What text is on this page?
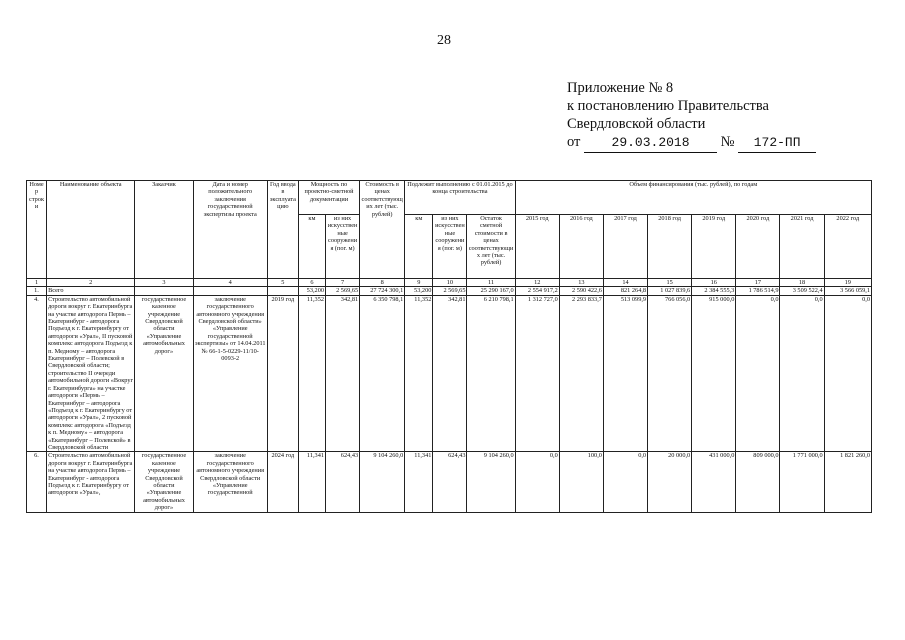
28
Приложение № 8
к постановлению Правительства
Свердловской области
от 29.03.2018 № 172-ПП
Номер строки	Наименование объекта	Заказчик	Дата и номер положительного заключения государственной экспертизы проекта	Год ввода в эксплуатацию	Мощность по проектно-сметной документации		Стоимость в ценах соответствующих лет (тыс. рублей)	Подлежит выполнению с 01.01.2015 до конца строительства			Объем финансирования (тыс. рублей), по годам							
					км	из них искусственные сооружения (пог. м)		км	из них искусственные сооружения (пог. м)	Остаток сметной стоимости в ценах соответствующих лет (тыс. рублей)	2015 год	2016 год	2017 год	2018 год	2019 год	2020 год	2021 год	2022 год
1	2	3	4	5	6	7	8	9	10	11	12	13	14	15	16	17	18	19
1.	Всего				53,200	2 569,65	27 724 300,1	53,200	2 569,65	25 290 167,0	2 554 917,2	2 590 422,6	821 264,8	1 027 839,6	2 384 555,3	1 786 514,9	3 509 522,4	3 566 059,1
4.	Строительство автомобильной дороги вокруг г. Екатеринбурга на участке автодорога Пермь – Екатеринбург - автодорога Подъезд к г. Екатеринбургу от автодороги «Урал», II пусковой комплекс автодорога Подъезд к п. Медному – автодорога Екатеринбург – Полевской в Свердловской области; строительство II очереди автомобильной дороги «Вокруг г. Екатеринбурга» на участке автодороги «Пермь – Екатеринбург – автодорога «Подъезд к г. Екатеринбургу от автодороги «Урал», 2 пусковой комплекс автодорога «Подъезд к п. Медному» – автодорога «Екатеринбург – Полевской» в Свердловской области	государственное казенное учреждение Свердловской области «Управление автомобильных дорог»	заключение государственного автономного учреждения Свердловской области» «Управление государственной экспертизы» от 14.04.2011 № 66-1-5-0229-11/10-0093-2	2019 год	11,352	342,81	6 350 798,1	11,352	342,81	6 210 798,1	1 312 727,0	2 293 833,7	513 099,9	766 056,0	915 000,0	0,0	0,0	0,0
6.	Строительство автомобильной дороги вокруг г. Екатеринбурга на участке автодорога Пермь – Екатеринбург - автодорога Подъезд к г. Екатеринбургу от автодороги «Урал»,	государственное казенное учреждение Свердловской области «Управление автомобильных дорог»	заключение государственного автономного учреждения Свердловской области «Управление государственной	2024 год	11,341	624,43	9 104 260,0	11,341	624,43	9 104 260,0	0,0	100,0	0,0	20 000,0	431 000,0	809 000,0	1 771 000,0	1 821 260,0
